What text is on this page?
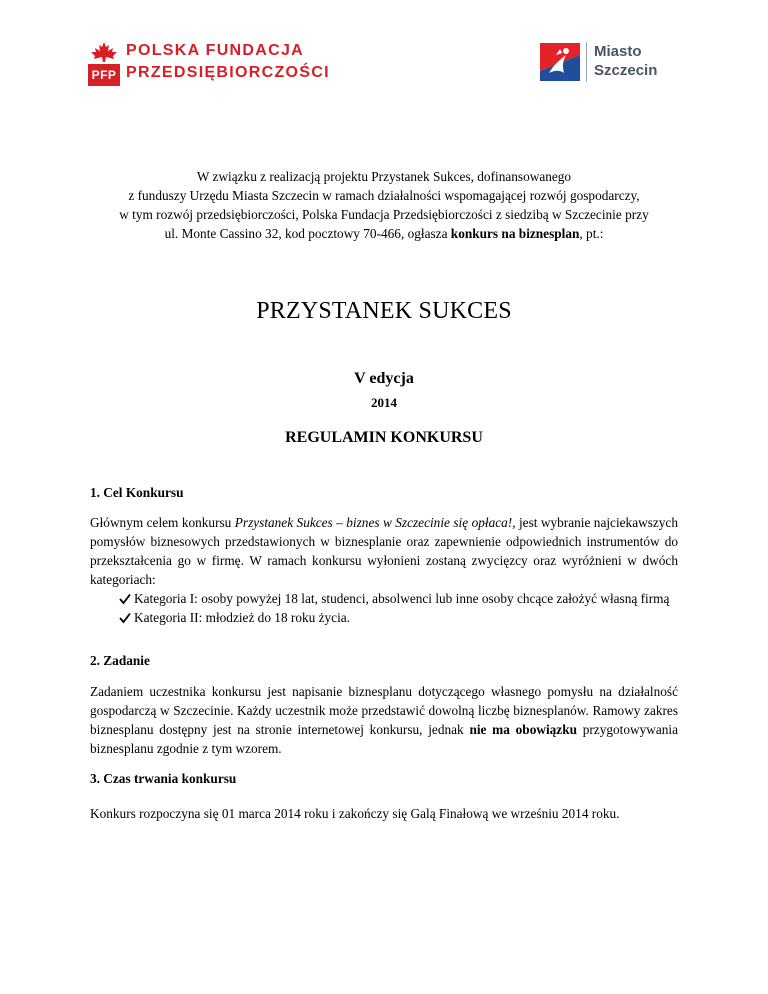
PFP
POLSKA FUNDACJA
PRZEDSIĘBIORCZOŚCI
Miasto
Szczecin

W związku z realizacją projektu Przystanek Sukces, dofinansowanego

z funduszy Urzędu Miasta Szczecin w ramach działalności wspomagającej rozwój gospodarczy,

w tym rozwój przedsiębiorczości, Polska Fundacja Przedsiębiorczości z siedzibą w Szczecinie przy

ul. Monte Cassino 32, kod pocztowy 70-466, ogłasza konkurs na biznesplan, pt.:

PRZYSTANEK SUKCES
V edycja
2014
REGULAMIN KONKURSU
1. Cel Konkursu

Głównym celem konkursu Przystanek Sukces – biznes w Szczecinie się opłaca!, jest wybranie najciekawszych pomysłów biznesowych przedstawionych w biznesplanie oraz zapewnienie odpowiednich instrumentów do przekształcenia go w firmę. W ramach konkursu wyłonieni zostaną zwycięzcy oraz wyróżnieni w dwóch kategoriach:

Kategoria I: osoby powyżej 18 lat, studenci, absolwenci lub inne osoby chcące założyć własną firmą
Kategoria II: młodzież do 18 roku życia.
2. Zadanie

Zadaniem uczestnika konkursu jest napisanie biznesplanu dotyczącego własnego pomysłu na działalność gospodarczą w Szczecinie. Każdy uczestnik może przedstawić dowolną liczbę biznesplanów. Ramowy zakres biznesplanu dostępny jest na stronie internetowej konkursu, jednak nie ma obowiązku przygotowywania biznesplanu zgodnie z tym wzorem.

3. Czas trwania konkursu

Konkurs rozpoczyna się 01 marca 2014 roku i zakończy się Galą Finałową we wrześniu 2014 roku.
